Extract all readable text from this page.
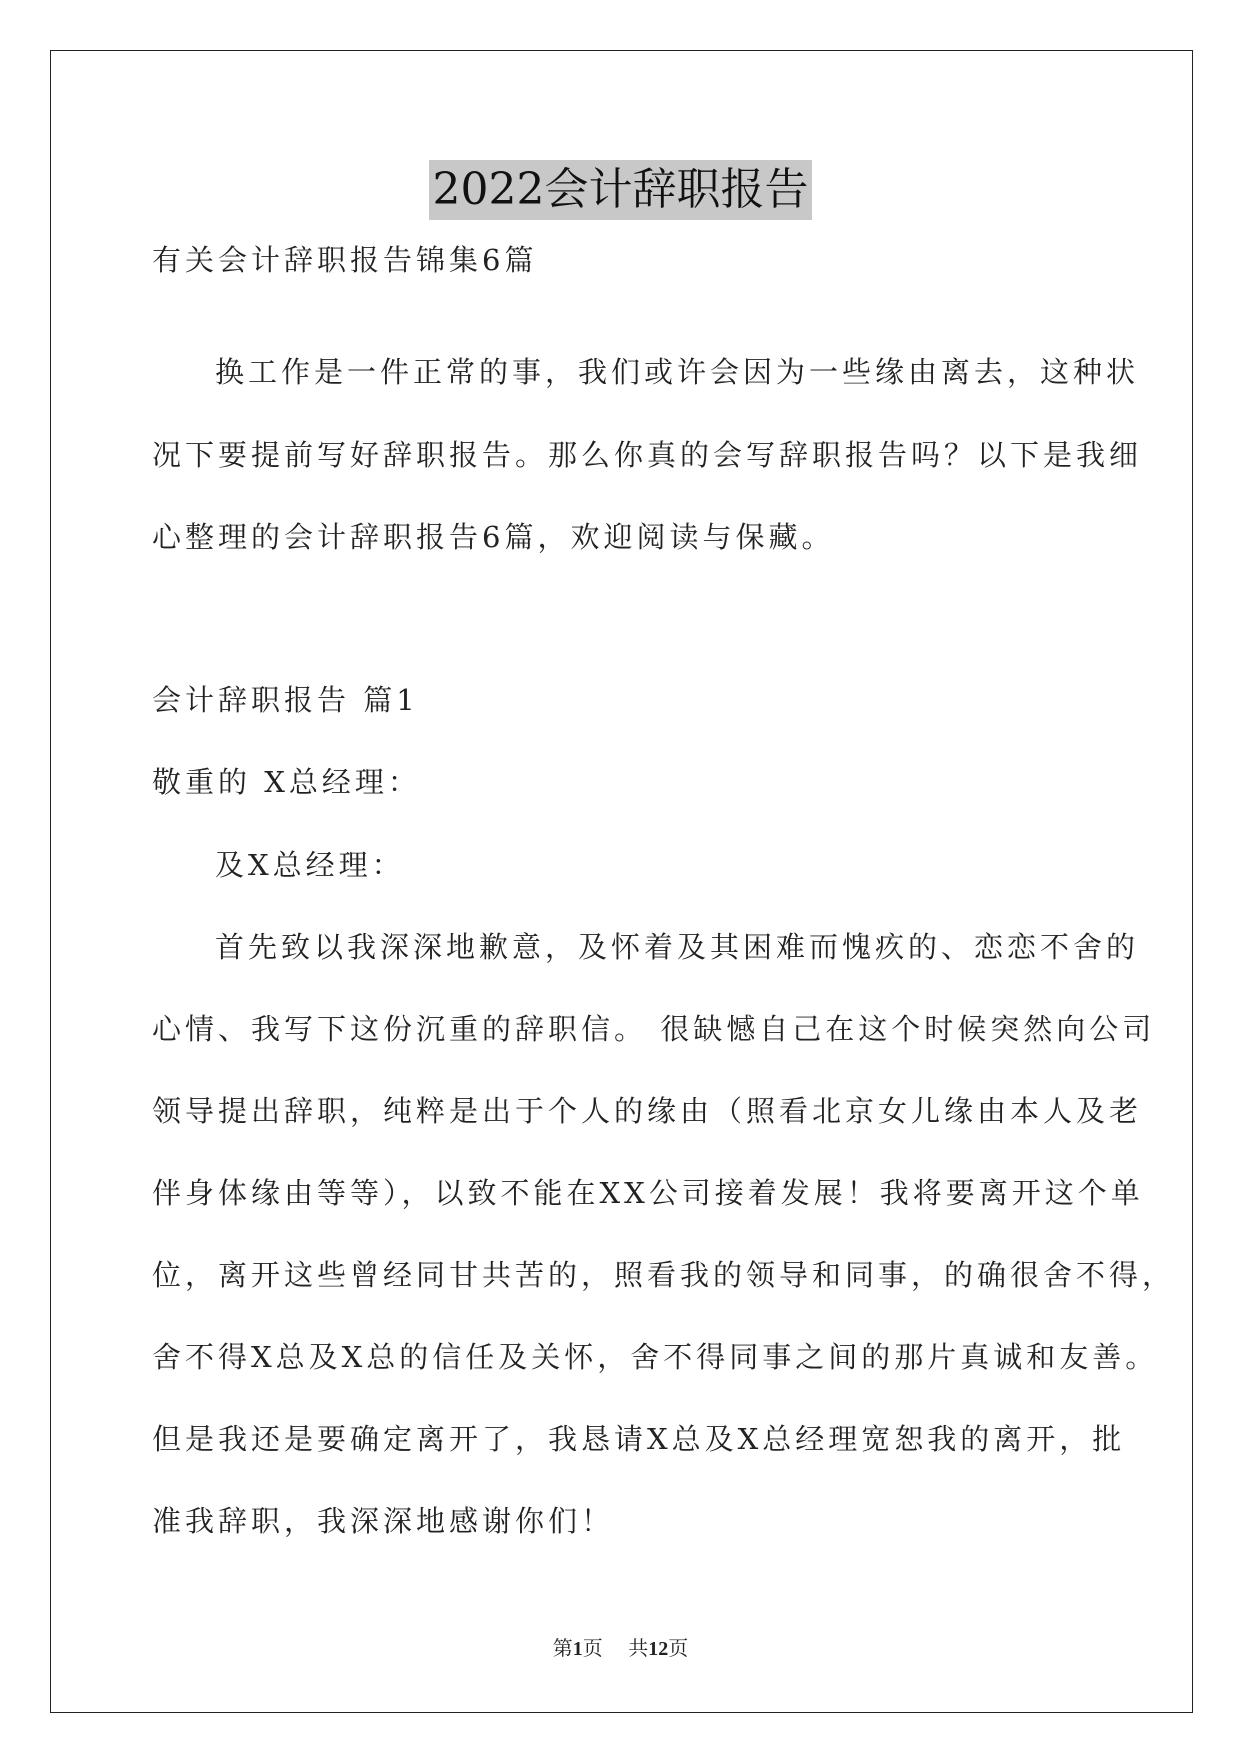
2022会计辞职报告
有关会计辞职报告锦集6篇
换工作是一件正常的事，我们或许会因为一些缘由离去，这种状
况下要提前写好辞职报告。那么你真的会写辞职报告吗？以下是我细
心整理的会计辞职报告6篇，欢迎阅读与保藏。
会计辞职报告 篇1
敬重的 X总经理：
及X总经理：
首先致以我深深地歉意，及怀着及其困难而愧疚的、恋恋不舍的
心情、我写下这份沉重的辞职信。 很缺憾自己在这个时候突然向公司
领导提出辞职，纯粹是出于个人的缘由（照看北京女儿缘由本人及老
伴身体缘由等等），以致不能在XX公司接着发展！我将要离开这个单
位，离开这些曾经同甘共苦的，照看我的领导和同事，的确很舍不得，
舍不得X总及X总的信任及关怀，舍不得同事之间的那片真诚和友善。
但是我还是要确定离开了，我恳请X总及X总经理宽恕我的离开，批
准我辞职，我深深地感谢你们！
第1页    共12页
